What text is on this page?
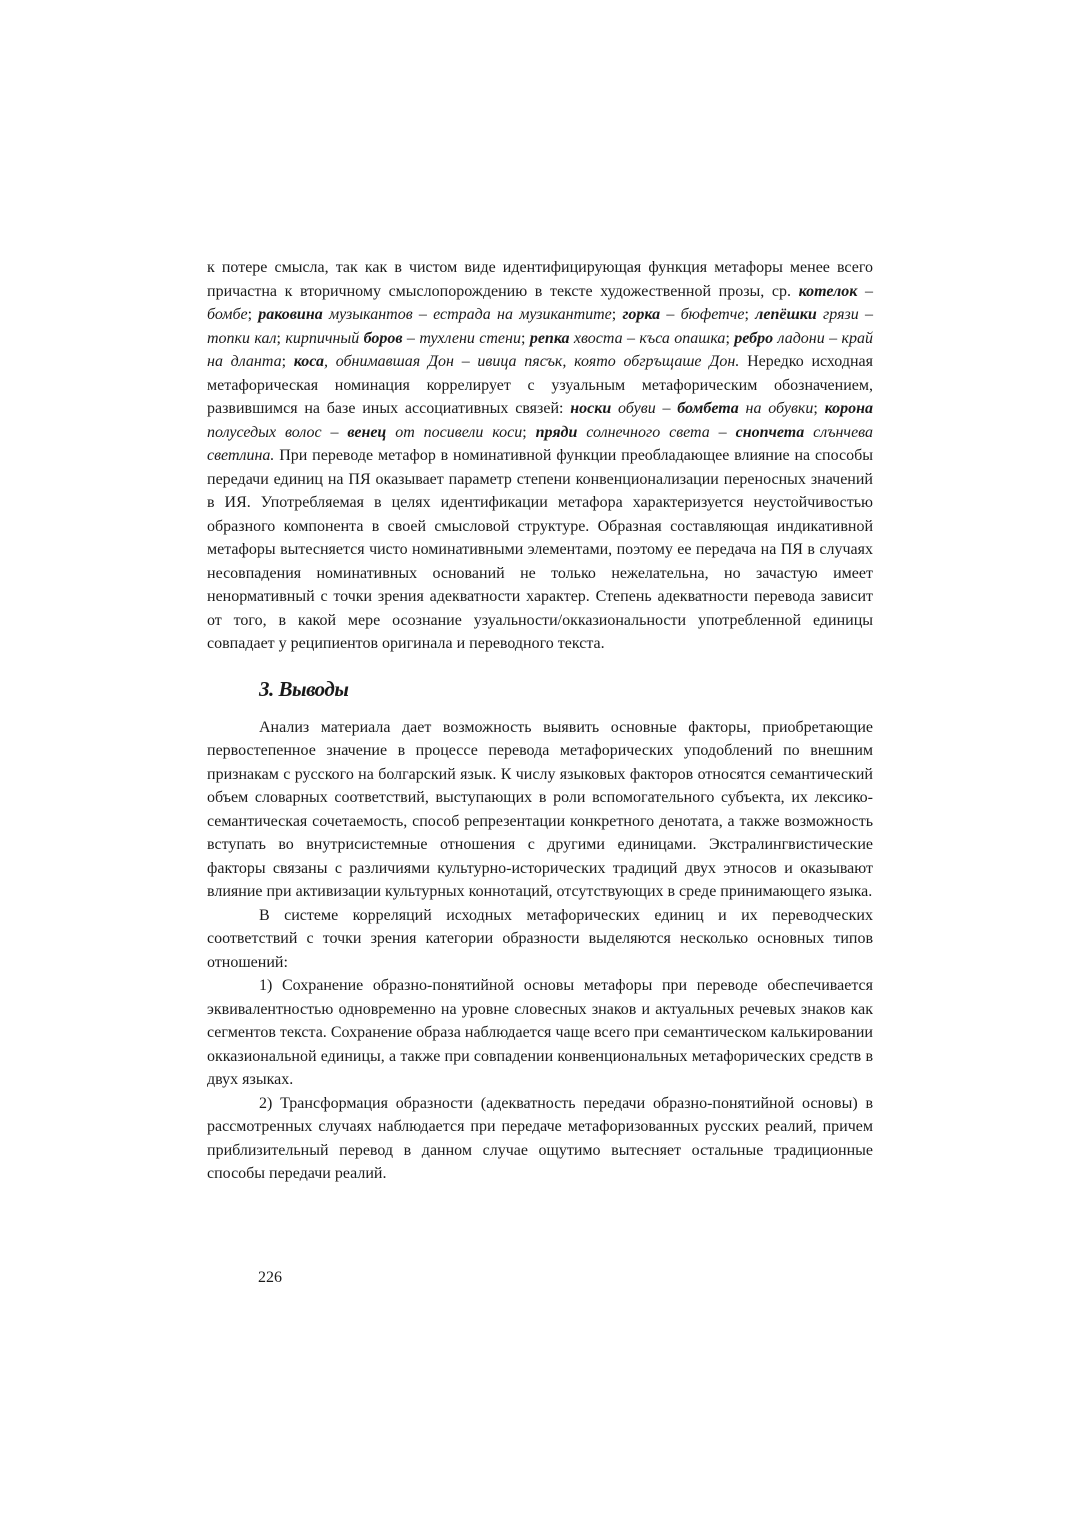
к потере смысла, так как в чистом виде идентифицирующая функция метафоры менее всего причастна к вторичному смыслопорождению в тексте художественной прозы, ср. котелок – бомбе; раковина музыкантов – естрада на музикантите; горка – бюфетче; лепёшки грязи – топки кал; кирпичный боров – тухлени стени; репка хвоста – къса опашка; ребро ладони – край на дланта; коса, обнимавшая Дон – ивица пясък, която обгръщаше Дон. Нередко исходная метафорическая номинация коррелирует с узуальным метафорическим обозначением, развившимся на базе иных ассоциативных связей: носки обуви – бомбета на обувки; корона полуседых волос – венец от посивели коси; пряди солнечного света – снопчета слънчева светлина. При переводе метафор в номинативной функции преобладающее влияние на способы передачи единиц на ПЯ оказывает параметр степени конвенционализации переносных значений в ИЯ. Употребляемая в целях идентификации метафора характеризуется неустойчивостью образного компонента в своей смысловой структуре. Образная составляющая индикативной метафоры вытесняется чисто номинативными элементами, поэтому ее передача на ПЯ в случаях несовпадения номинативных оснований не только нежелательна, но зачастую имеет ненормативный с точки зрения адекватности характер. Степень адекватности перевода зависит от того, в какой мере осознание узуальности/окказиональности употребленной единицы совпадает у реципиентов оригинала и переводного текста.

3. Выводы

Анализ материала дает возможность выявить основные факторы, приобретающие первостепенное значение в процессе перевода метафорических уподоблений по внешним признакам с русского на болгарский язык. К числу языковых факторов относятся семантический объем словарных соответствий, выступающих в роли вспомогательного субъекта, их лексико-семантическая сочетаемость, способ репрезентации конкретного денотата, а также возможность вступать во внутрисистемные отношения с другими единицами. Экстралингвистические факторы связаны с различиями культурно-исторических традиций двух этносов и оказывают влияние при активизации культурных коннотаций, отсутствующих в среде принимающего языка.

В системе корреляций исходных метафорических единиц и их переводческих соответствий с точки зрения категории образности выделяются несколько основных типов отношений:

1) Сохранение образно-понятийной основы метафоры при переводе обеспечивается эквивалентностью одновременно на уровне словесных знаков и актуальных речевых знаков как сегментов текста. Сохранение образа наблюдается чаще всего при семантическом калькировании окказиональной единицы, а также при совпадении конвенциональных метафорических средств в двух языках.

2) Трансформация образности (адекватность передачи образно-понятийной основы) в рассмотренных случаях наблюдается при передаче метафоризованных русских реалий, причем приблизительный перевод в данном случае ощутимо вытесняет остальные традиционные способы передачи реалий.

226
